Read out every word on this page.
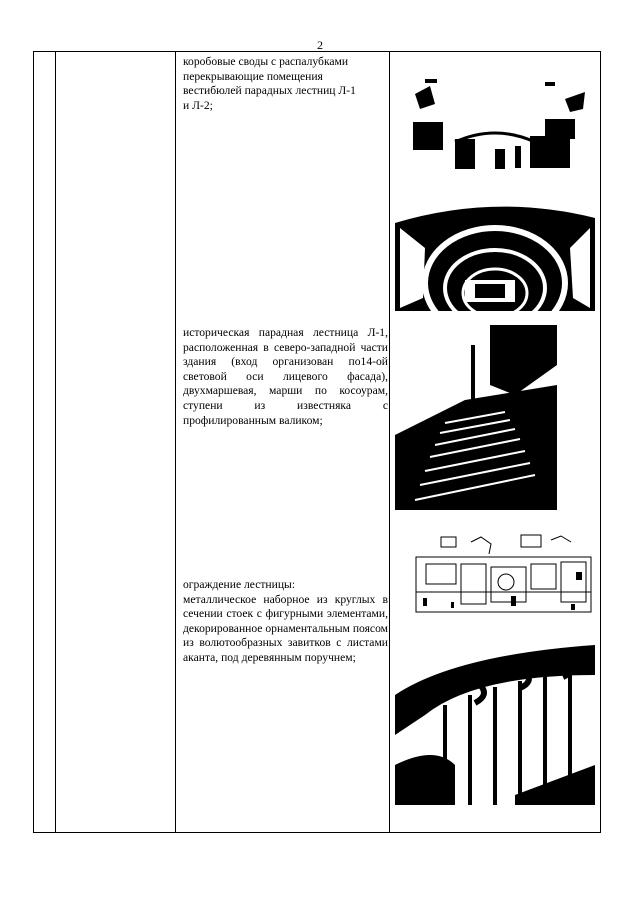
2
коробовые своды с распалубками
перекрывающие помещения
вестибюлей парадных лестниц Л-1
и Л-2;
историческая парадная лестница Л-1, расположенная в северо-западной части здания (вход организован по14-ой световой оси лицевого фасада), двухмаршевая, марши по косоурам, ступени из известняка с профилированным валиком;
ограждение лестницы:
металлическое наборное из круглых в сечении стоек с фигурными элементами, декорированное орнаментальным поясом из волютообразных завитков с листами аканта, под деревянным поручнем;
